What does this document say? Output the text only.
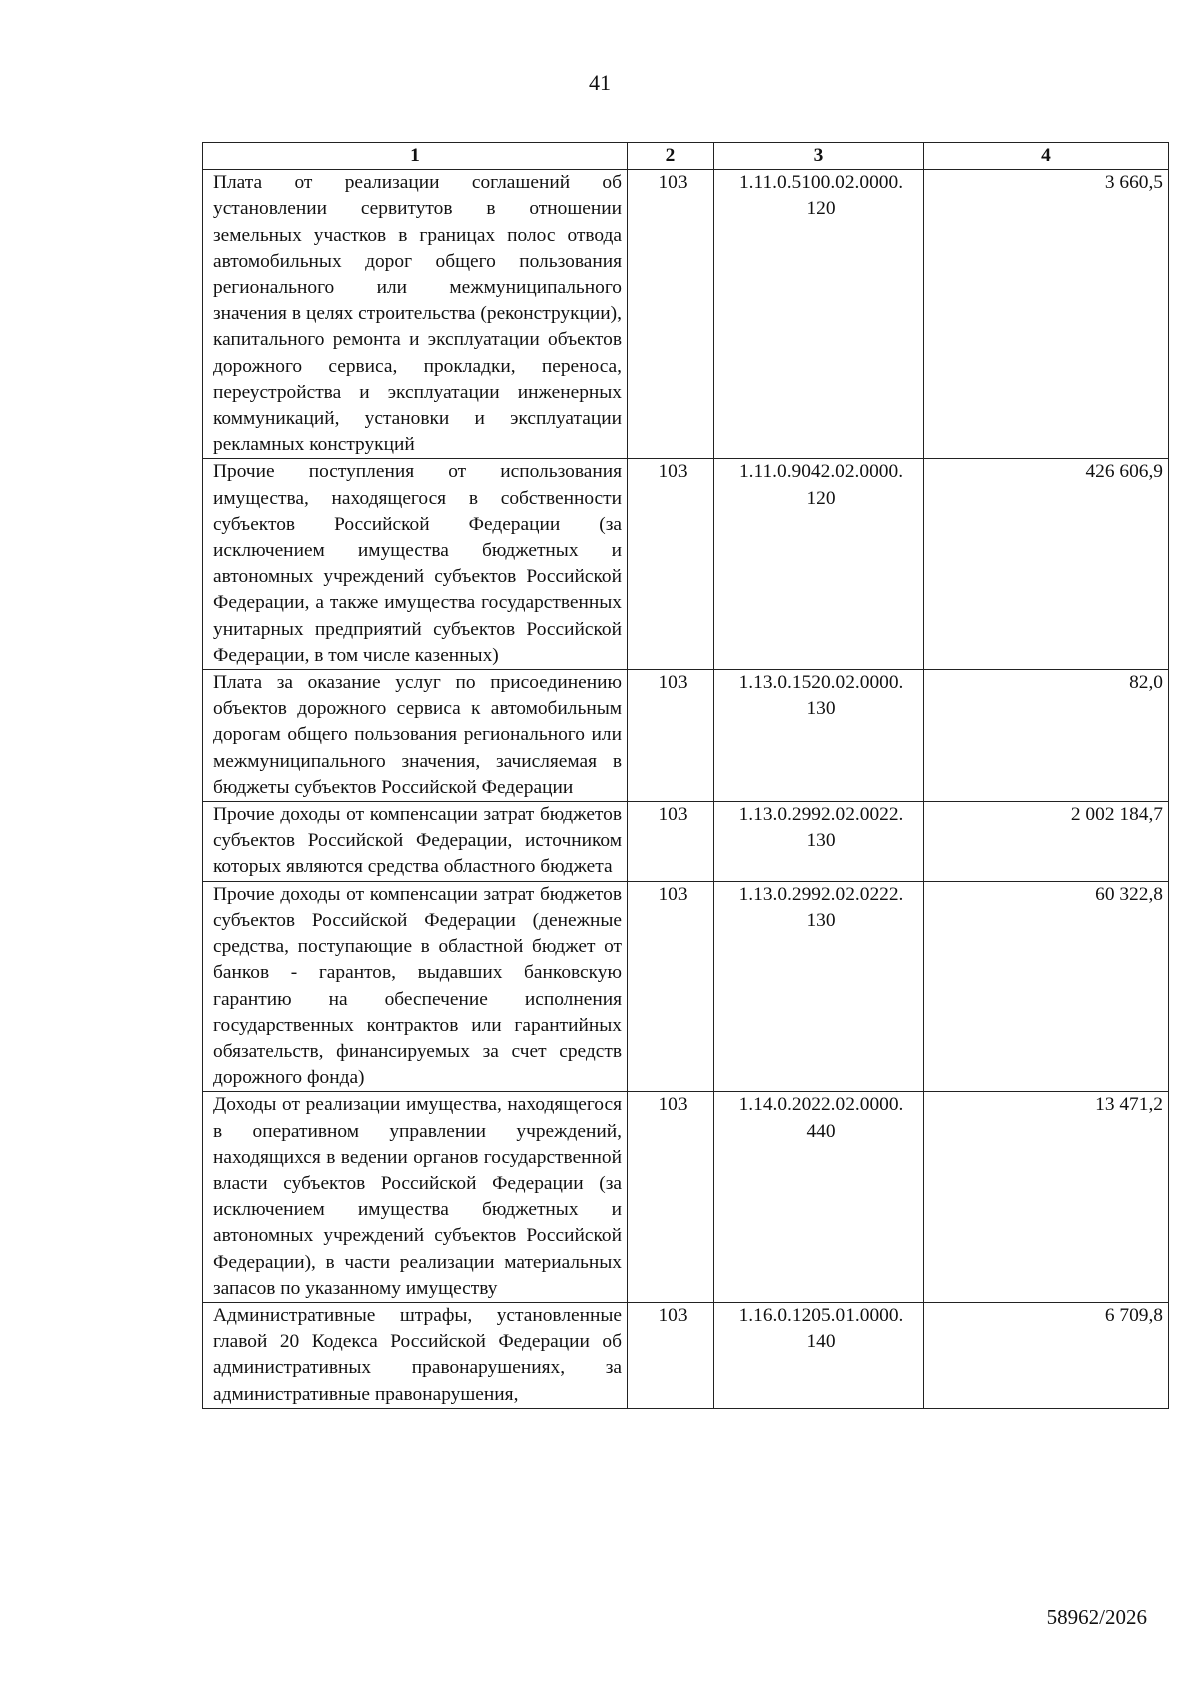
41
1	2	3	4
Плата от реализации соглашений об установлении сервитутов в отношении земельных участков в границах полос отвода автомобильных дорог общего пользования регионального или межмуниципального значения в целях строительства (реконструкции), капитального ремонта и эксплуатации объектов дорожного сервиса, прокладки, переноса, переустройства и эксплуатации инженерных коммуникаций, установки и эксплуатации рекламных конструкций	103	1.11.0.5100.02.0000. 120	3 660,5
Прочие поступления от использования имущества, находящегося в собственности субъектов Российской Федерации (за исключением имущества бюджетных и автономных учреждений субъектов Российской Федерации, а также имущества государственных унитарных предприятий субъектов Российской Федерации, в том числе казенных)	103	1.11.0.9042.02.0000. 120	426 606,9
Плата за оказание услуг по присоединению объектов дорожного сервиса к автомобильным дорогам общего пользования регионального или межмуниципального значения, зачисляемая в бюджеты субъектов Российской Федерации	103	1.13.0.1520.02.0000. 130	82,0
Прочие доходы от компенсации затрат бюджетов субъектов Российской Федерации, источником которых являются средства областного бюджета	103	1.13.0.2992.02.0022. 130	2 002 184,7
Прочие доходы от компенсации затрат бюджетов субъектов Российской Федерации (денежные средства, поступающие в областной бюджет от банков - гарантов, выдавших банковскую гарантию на обеспечение исполнения государственных контрактов или гарантийных обязательств, финансируемых за счет средств дорожного фонда)	103	1.13.0.2992.02.0222. 130	60 322,8
Доходы от реализации имущества, находящегося в оперативном управлении учреждений, находящихся в ведении органов государственной власти субъектов Российской Федерации (за исключением имущества бюджетных и автономных учреждений субъектов Российской Федерации), в части реализации материальных запасов по указанному имуществу	103	1.14.0.2022.02.0000. 440	13 471,2
Административные штрафы, установленные главой 20 Кодекса Российской Федерации об административных правонарушениях, за административные правонарушения,	103	1.16.0.1205.01.0000. 140	6 709,8
58962/2026
